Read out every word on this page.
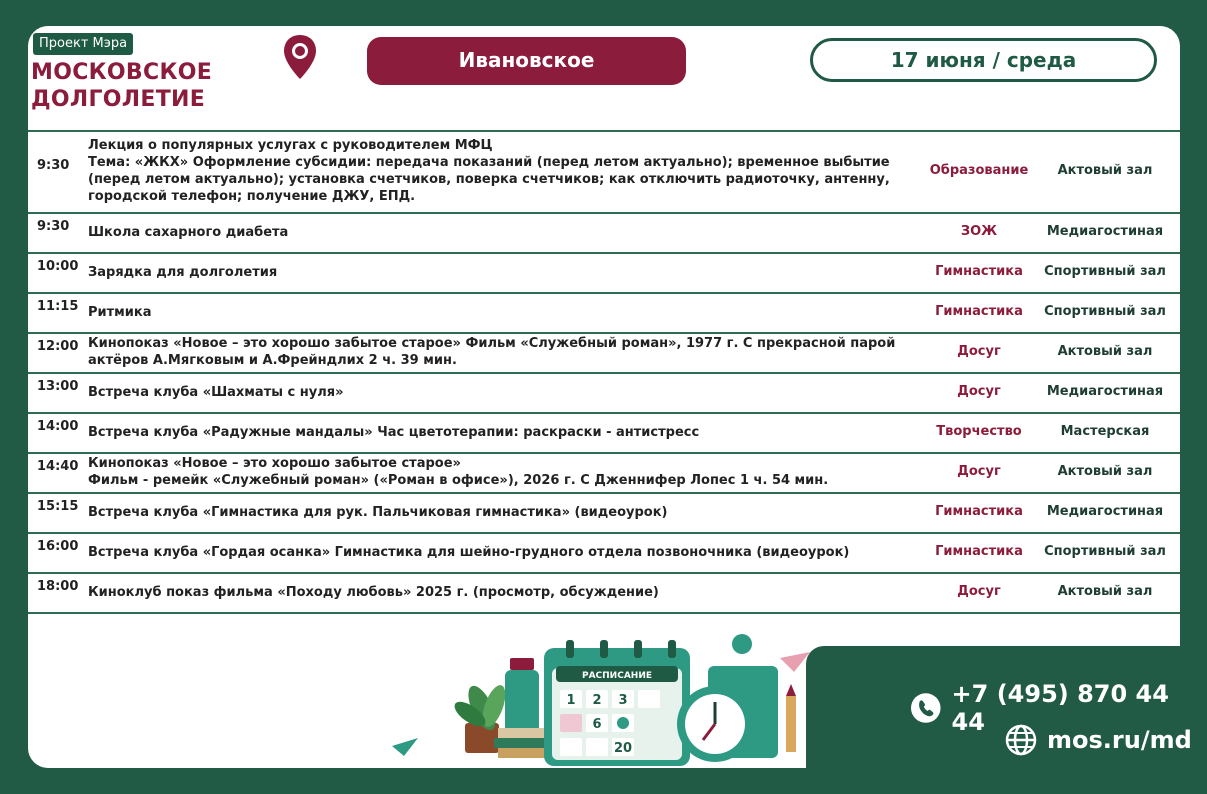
Проект Мэра
МОСКОВСКОЕ
ДОЛГОЛЕТИЕ
Ивановское	17 июня / среда
9:30
Лекция о популярных услугах с руководителем МФЦ
Тема: «ЖКХ» Оформление субсидии: передача показаний (перед летом актуально); временное выбытие
(перед летом актуально); установка счетчиков, поверка счетчиков; как отключить радиоточку, антенну,
городской телефон; получение ДЖУ, ЕПД.
Образование	Актовый зал
9:30	Школа сахарного диабета	ЗОЖ	Медиагостиная
10:00 Зарядка для долголетия	Гимнастика	Спортивный зал
11:15 Ритмика	Гимнастика	Спортивный зал
12:00 Кинопоказ «Новое – это хорошо забытое старое» Фильм «Служебный роман», 1977 г. С прекрасной парой
актёров А.Мягковым и А.Фрейндлих 2 ч. 39 мин.
Досуг	Актовый зал
13:00 Встреча клуба «Шахматы с нуля»	Досуг	Медиагостиная
14:00 Встреча клуба «Радужные мандалы» Час цветотерапии: раскраски - антистресс	Творчество	Мастерская
14:40 Кинопоказ «Новое – это хорошо забытое старое»
Фильм - ремейк «Служебный роман» («Роман в офисе»), 2026 г. С Дженнифер Лопес 1 ч. 54 мин.
Досуг	Актовый зал
15:15 Встреча клуба «Гимнастика для рук. Пальчиковая гимнастика» (видеоурок)	Гимнастика	Медиагостиная
16:00 Встреча клуба «Гордая осанка» Гимнастика для шейно-грудного отдела позвоночника (видеоурок)	Гимнастика	Спортивный зал
18:00 Киноклуб показ фильма «Походу любовь» 2025 г. (просмотр, обсуждение)	Досуг	Актовый зал
РАСПИСАНИЕ
1 2 3
6
20
+7 (495) 870 44 44
mos.ru/md
